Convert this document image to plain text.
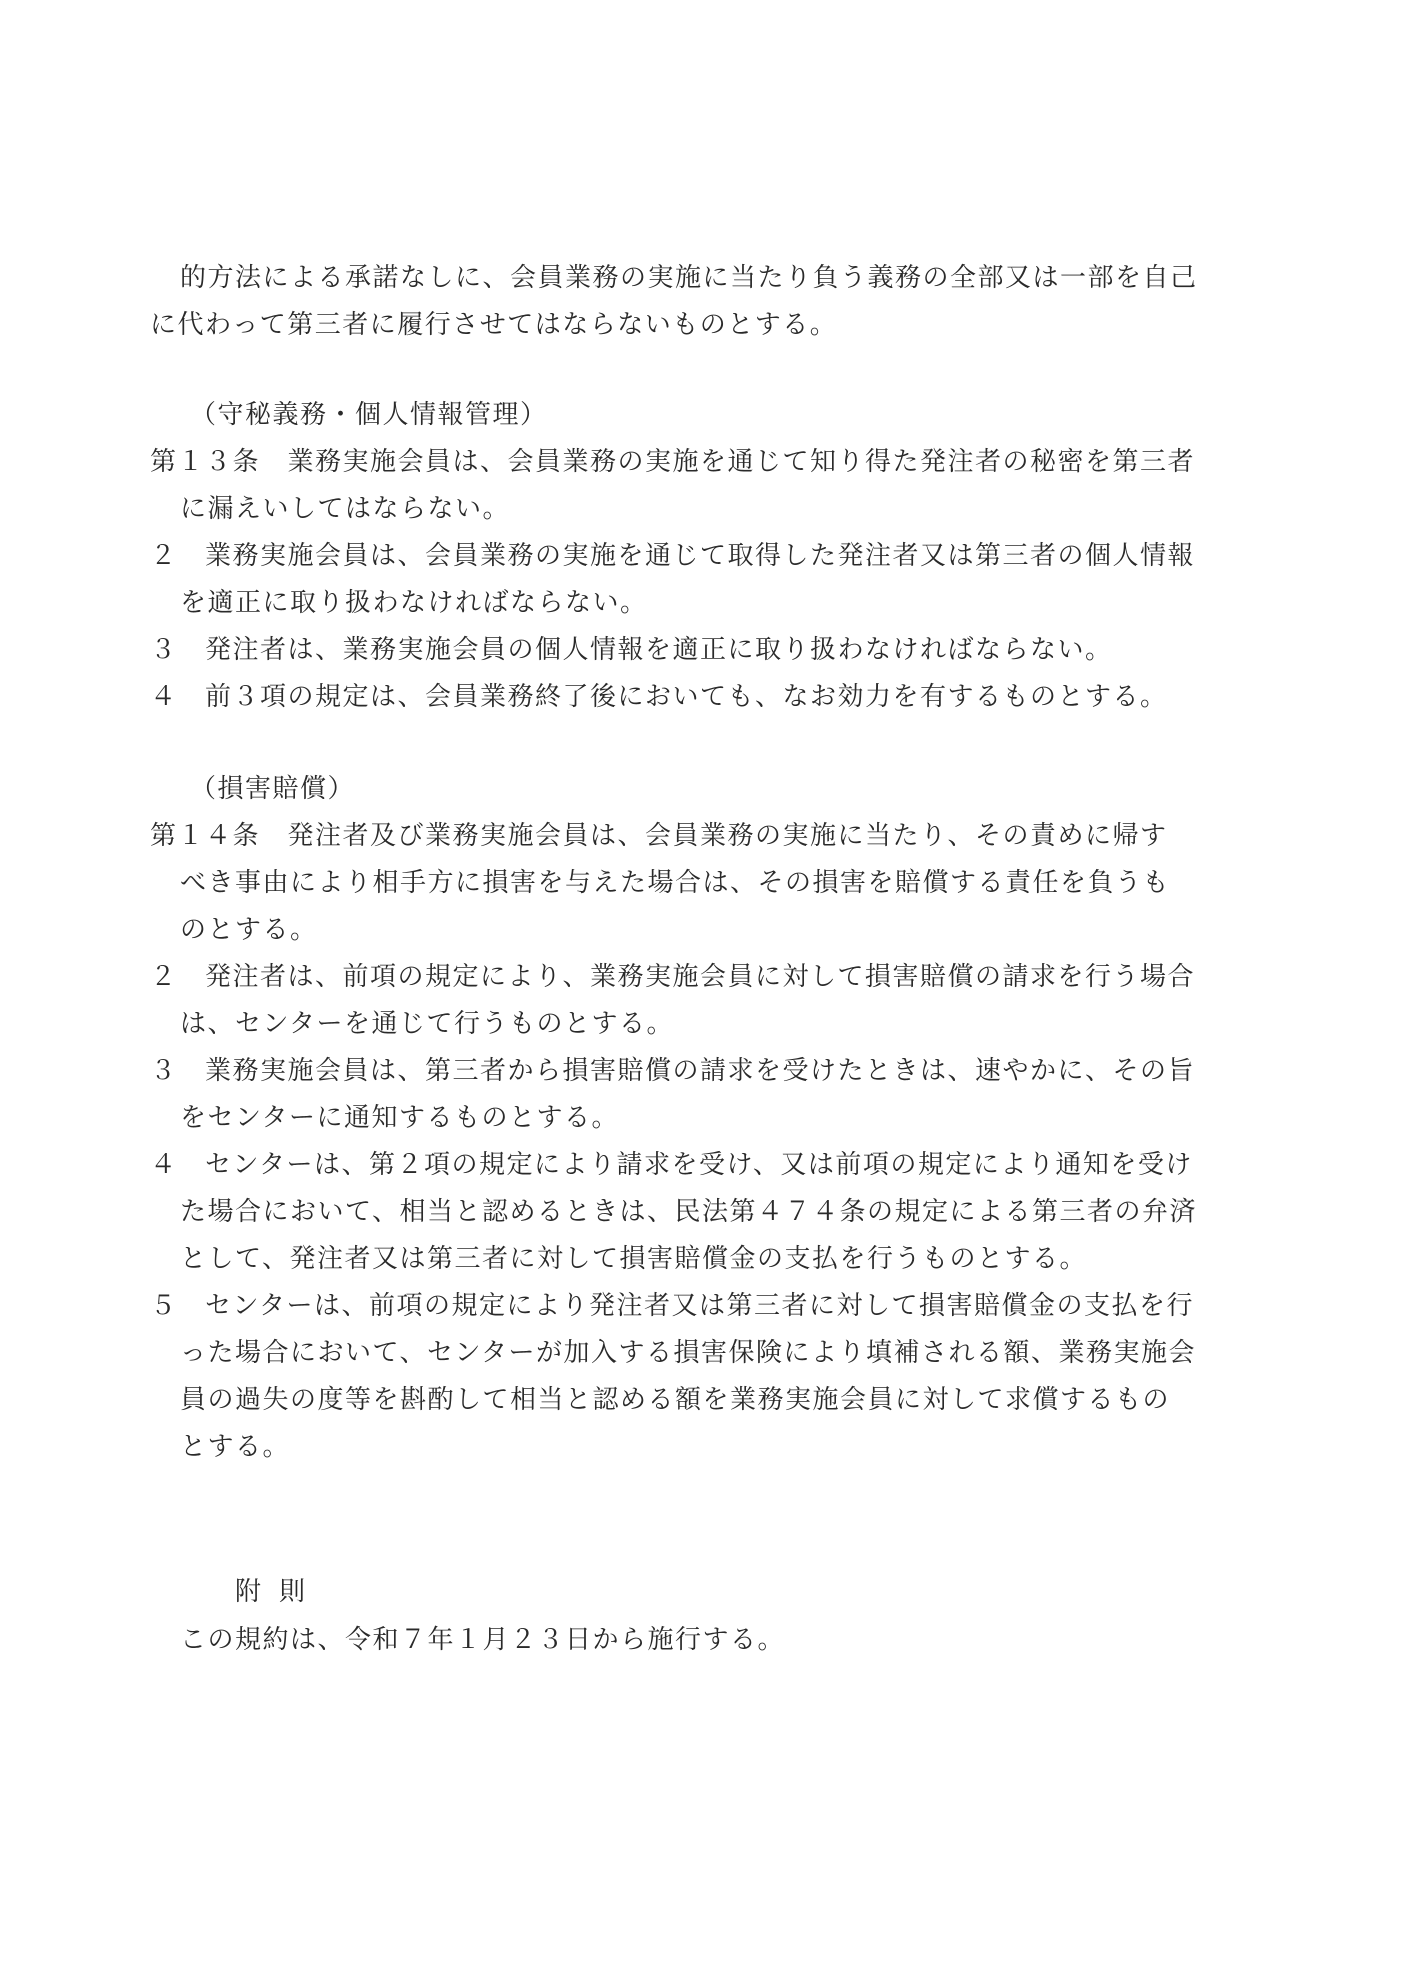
的方法による承諾なしに、会員業務の実施に当たり負う義務の全部又は一部を自己
に代わって第三者に履行させてはならないものとする。
（守秘義務・個人情報管理）
第１３条　業務実施会員は、会員業務の実施を通じて知り得た発注者の秘密を第三者
に漏えいしてはならない。
２　業務実施会員は、会員業務の実施を通じて取得した発注者又は第三者の個人情報
を適正に取り扱わなければならない。
３　発注者は、業務実施会員の個人情報を適正に取り扱わなければならない。
４　前３項の規定は、会員業務終了後においても、なお効力を有するものとする。
（損害賠償）
第１４条　発注者及び業務実施会員は、会員業務の実施に当たり、その責めに帰す
べき事由により相手方に損害を与えた場合は、その損害を賠償する責任を負うも
のとする。
２　発注者は、前項の規定により、業務実施会員に対して損害賠償の請求を行う場合
は、センターを通じて行うものとする。
３　業務実施会員は、第三者から損害賠償の請求を受けたときは、速やかに、その旨
をセンターに通知するものとする。
４　センターは、第２項の規定により請求を受け、又は前項の規定により通知を受け
た場合において、相当と認めるときは、民法第４７４条の規定による第三者の弁済
として、発注者又は第三者に対して損害賠償金の支払を行うものとする。
５　センターは、前項の規定により発注者又は第三者に対して損害賠償金の支払を行
った場合において、センターが加入する損害保険により填補される額、業務実施会
員の過失の度等を斟酌して相当と認める額を業務実施会員に対して求償するもの
とする。
附則
この規約は、令和７年１月２３日から施行する。
